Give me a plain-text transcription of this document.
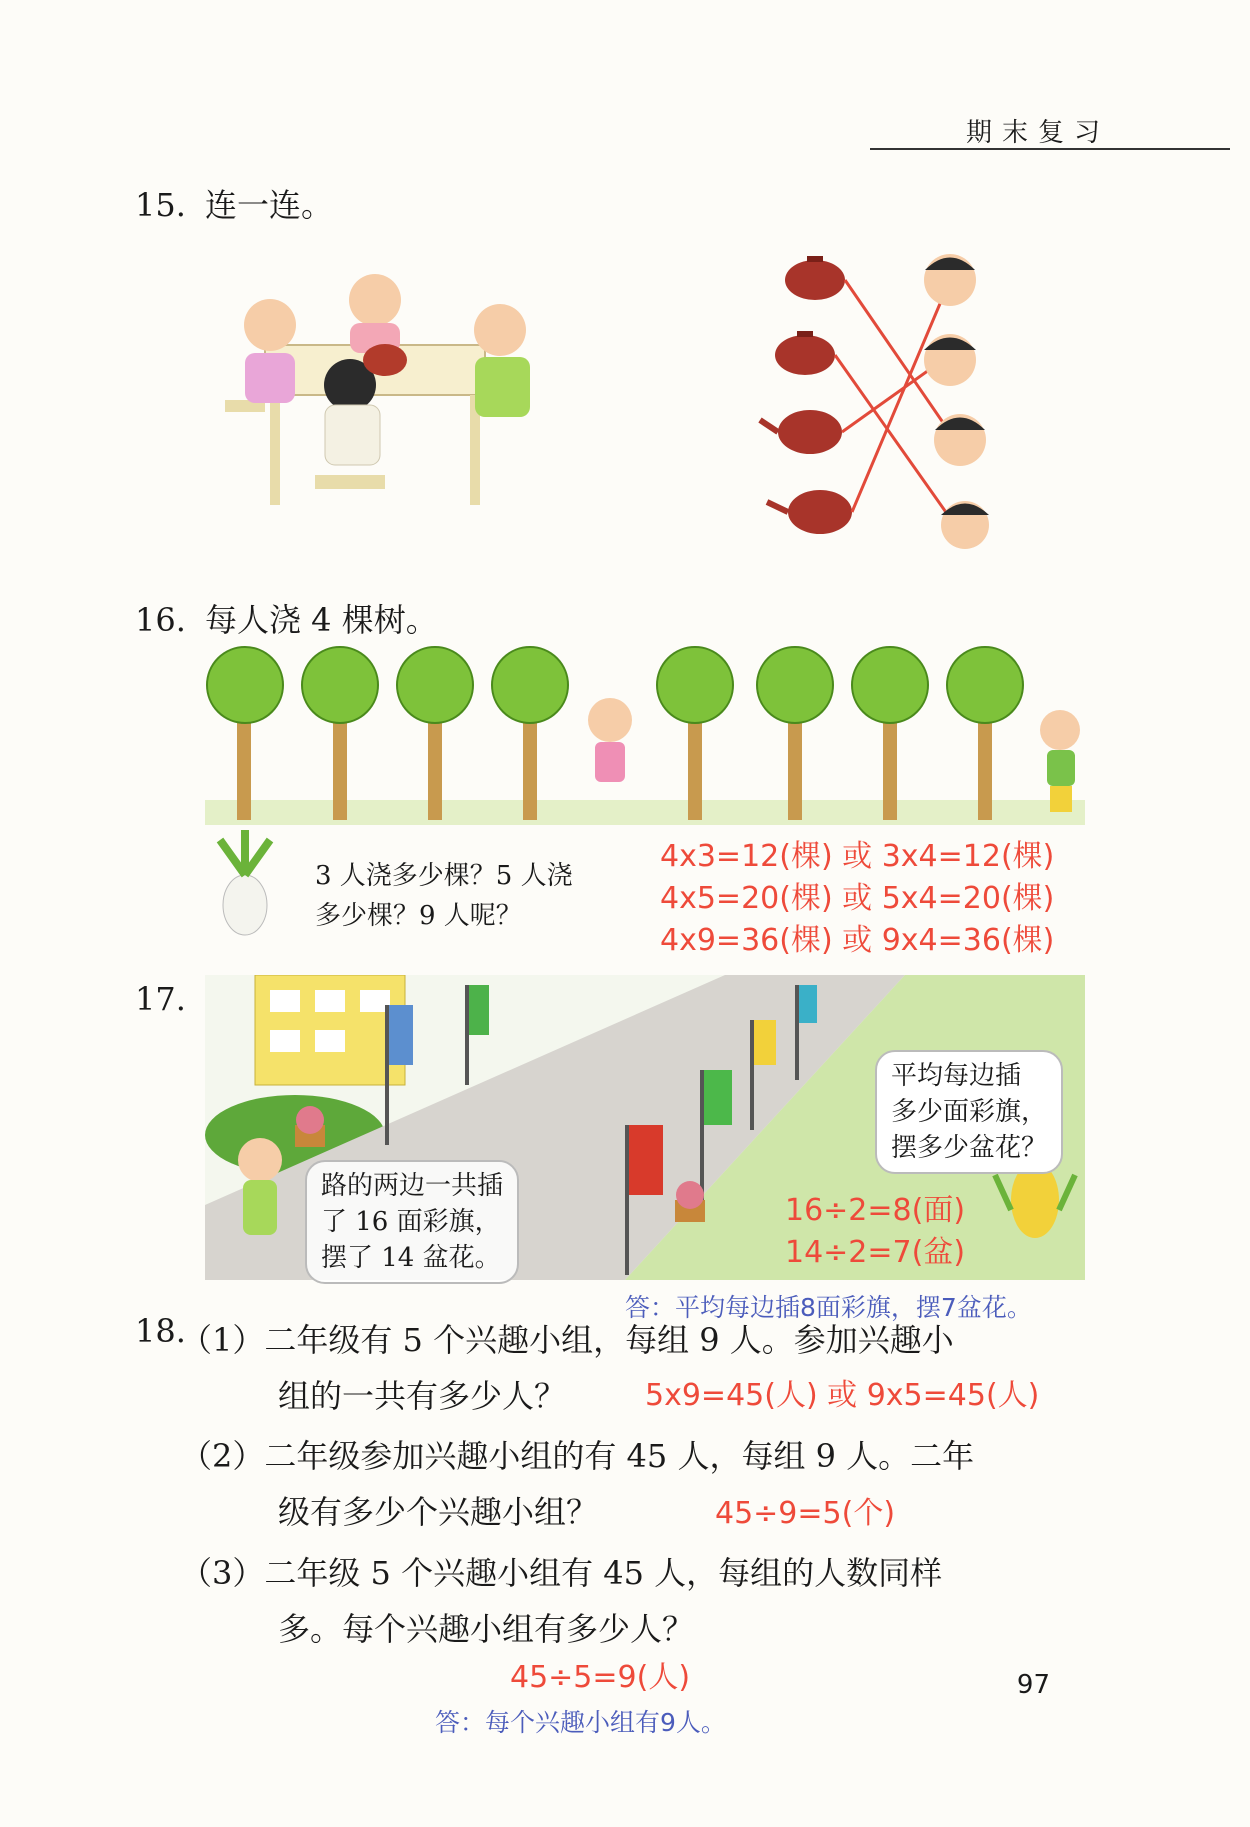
期末复习
15. 连一连。
16. 每人浇 4 棵树。
3 人浇多少棵？5 人浇
多少棵？9 人呢？
4x3=12(棵) 或 3x4=12(棵)
4x5=20(棵) 或 5x4=20(棵)
4x9=36(棵) 或 9x4=36(棵)
17.
路的两边一共插
了 16 面彩旗，
摆了 14 盆花。
平均每边插
多少面彩旗，
摆多少盆花？
16÷2=8(面)
14÷2=7(盆)
答：平均每边插8面彩旗，摆7盆花。
18.
（1）二年级有 5 个兴趣小组，每组 9 人。参加兴趣小
组的一共有多少人？	5x9=45(人) 或 9x5=45(人)
（2）二年级参加兴趣小组的有 45 人，每组 9 人。二年
级有多少个兴趣小组？	45÷9=5(个)
（3）二年级 5 个兴趣小组有 45 人，每组的人数同样
多。每个兴趣小组有多少人？
45÷5=9(人)
答：每个兴趣小组有9人。
97
